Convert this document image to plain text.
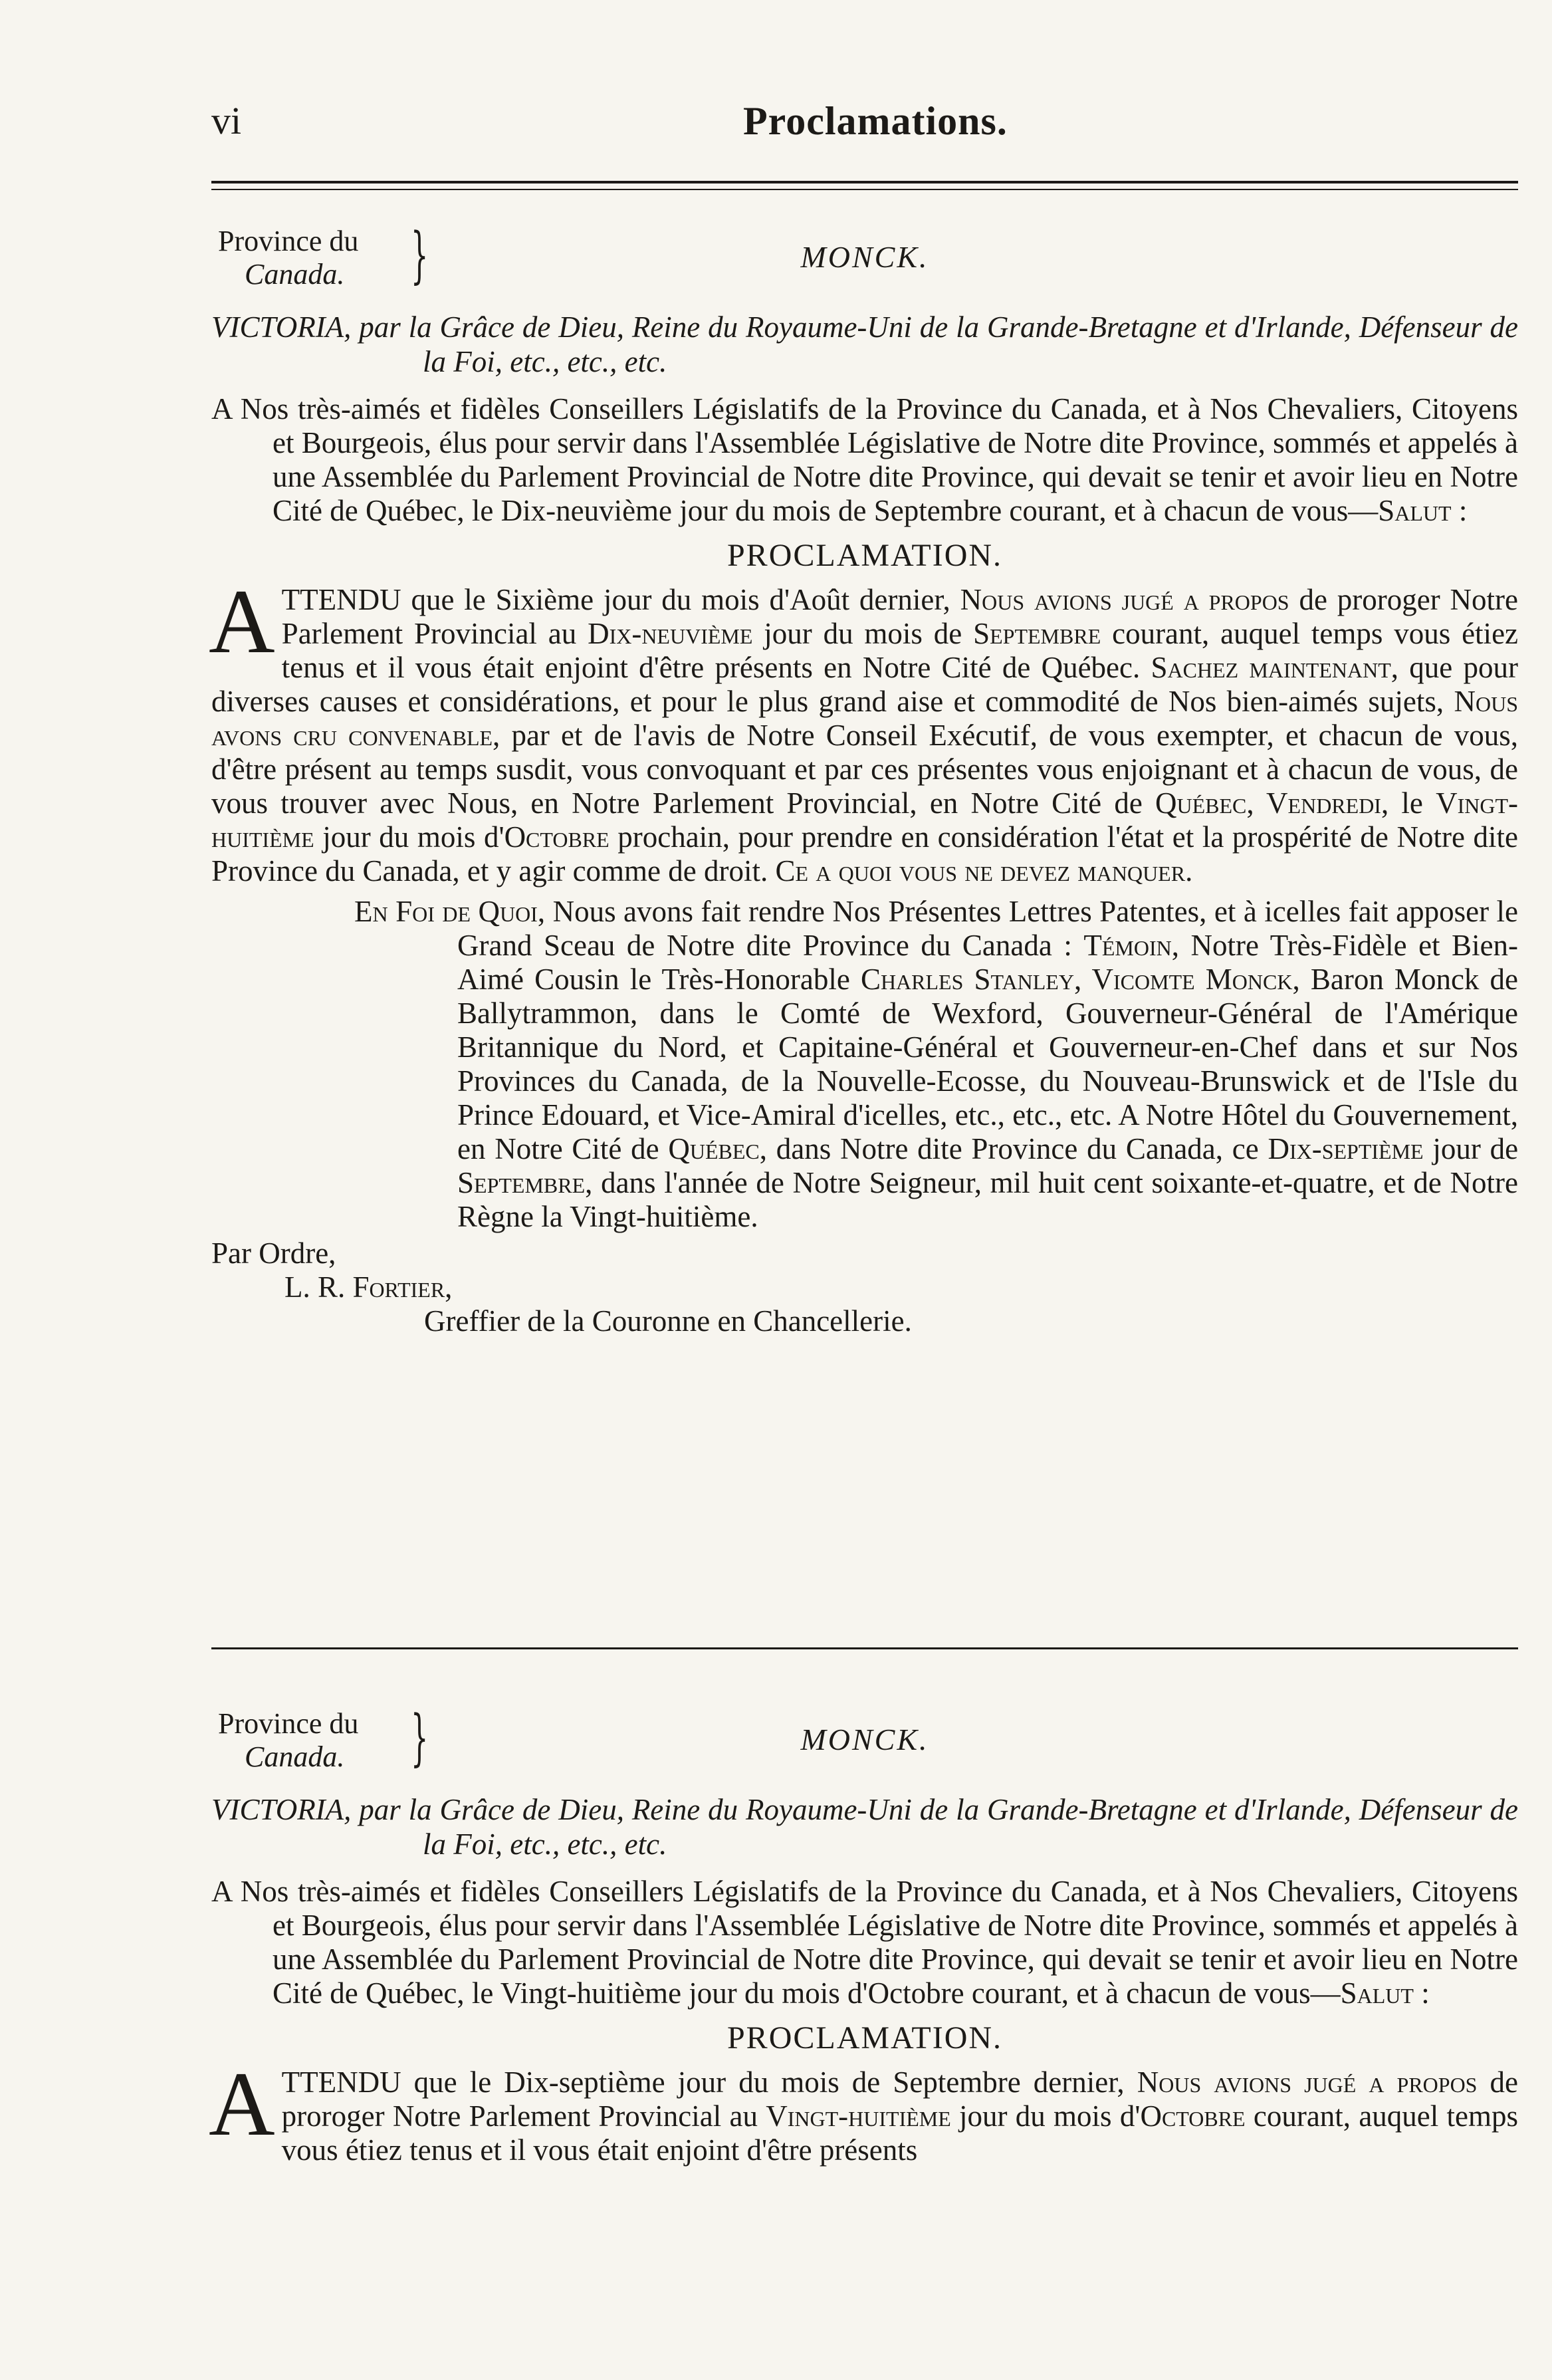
vi	Proclamations.
Province du
Canada. }	MONCK.
VICTORIA, par la Grâce de Dieu, Reine du Royaume-Uni de la Grande-Bretagne et d'Irlande, Défenseur de la Foi, etc., etc., etc.
A Nos très-aimés et fidèles Conseillers Législatifs de la Province du Canada, et à Nos Chevaliers, Citoyens et Bourgeois, élus pour servir dans l'Assemblée Législative de Notre dite Province, sommés et appelés à une Assemblée du Parlement Provincial de Notre dite Province, qui devait se tenir et avoir lieu en Notre Cité de Québec, le Dix-neuvième jour du mois de Septembre courant, et à chacun de vous—Salut :
PROCLAMATION.
ATTENDU que le Sixième jour du mois d'Août dernier, Nous avions jugé a propos de proroger Notre Parlement Provincial au Dix-neuvième jour du mois de Septembre courant, auquel temps vous étiez tenus et il vous était enjoint d'être présents en Notre Cité de Québec. Sachez maintenant, que pour diverses causes et considérations, et pour le plus grand aise et commodité de Nos bien-aimés sujets, Nous avons cru convenable, par et de l'avis de Notre Conseil Exécutif, de vous exempter, et chacun de vous, d'être présent au temps susdit, vous convoquant et par ces présentes vous enjoignant et à chacun de vous, de vous trouver avec Nous, en Notre Parlement Provincial, en Notre Cité de Québec, Vendredi, le Vingt-huitième jour du mois d'Octobre prochain, pour prendre en considération l'état et la prospérité de Notre dite Province du Canada, et y agir comme de droit. Ce a quoi vous ne devez manquer.
En Foi de Quoi, Nous avons fait rendre Nos Présentes Lettres Patentes, et à icelles fait apposer le Grand Sceau de Notre dite Province du Canada : Témoin, Notre Très-Fidèle et Bien-Aimé Cousin le Très-Honorable Charles Stanley, Vicomte Monck, Baron Monck de Ballytrammon, dans le Comté de Wexford, Gouverneur-Général de l'Amérique Britannique du Nord, et Capitaine-Général et Gouverneur-en-Chef dans et sur Nos Provinces du Canada, de la Nouvelle-Ecosse, du Nouveau-Brunswick et de l'Isle du Prince Edouard, et Vice-Amiral d'icelles, etc., etc., etc. A Notre Hôtel du Gouvernement, en Notre Cité de Québec, dans Notre dite Province du Canada, ce Dix-septième jour de Septembre, dans l'année de Notre Seigneur, mil huit cent soixante-et-quatre, et de Notre Règne la Vingt-huitième.
Par Ordre,
L. R. Fortier,
Greffier de la Couronne en Chancellerie.
Province du
Canada. }	MONCK.
VICTORIA, par la Grâce de Dieu, Reine du Royaume-Uni de la Grande-Bretagne et d'Irlande, Défenseur de la Foi, etc., etc., etc.
A Nos très-aimés et fidèles Conseillers Législatifs de la Province du Canada, et à Nos Chevaliers, Citoyens et Bourgeois, élus pour servir dans l'Assemblée Législative de Notre dite Province, sommés et appelés à une Assemblée du Parlement Provincial de Notre dite Province, qui devait se tenir et avoir lieu en Notre Cité de Québec, le Vingt-huitième jour du mois d'Octobre courant, et à chacun de vous—Salut :
PROCLAMATION.
ATTENDU que le Dix-septième jour du mois de Septembre dernier, Nous avions jugé a propos de proroger Notre Parlement Provincial au Vingt-huitième jour du mois d'Octobre courant, auquel temps vous étiez tenus et il vous était enjoint d'être présents
